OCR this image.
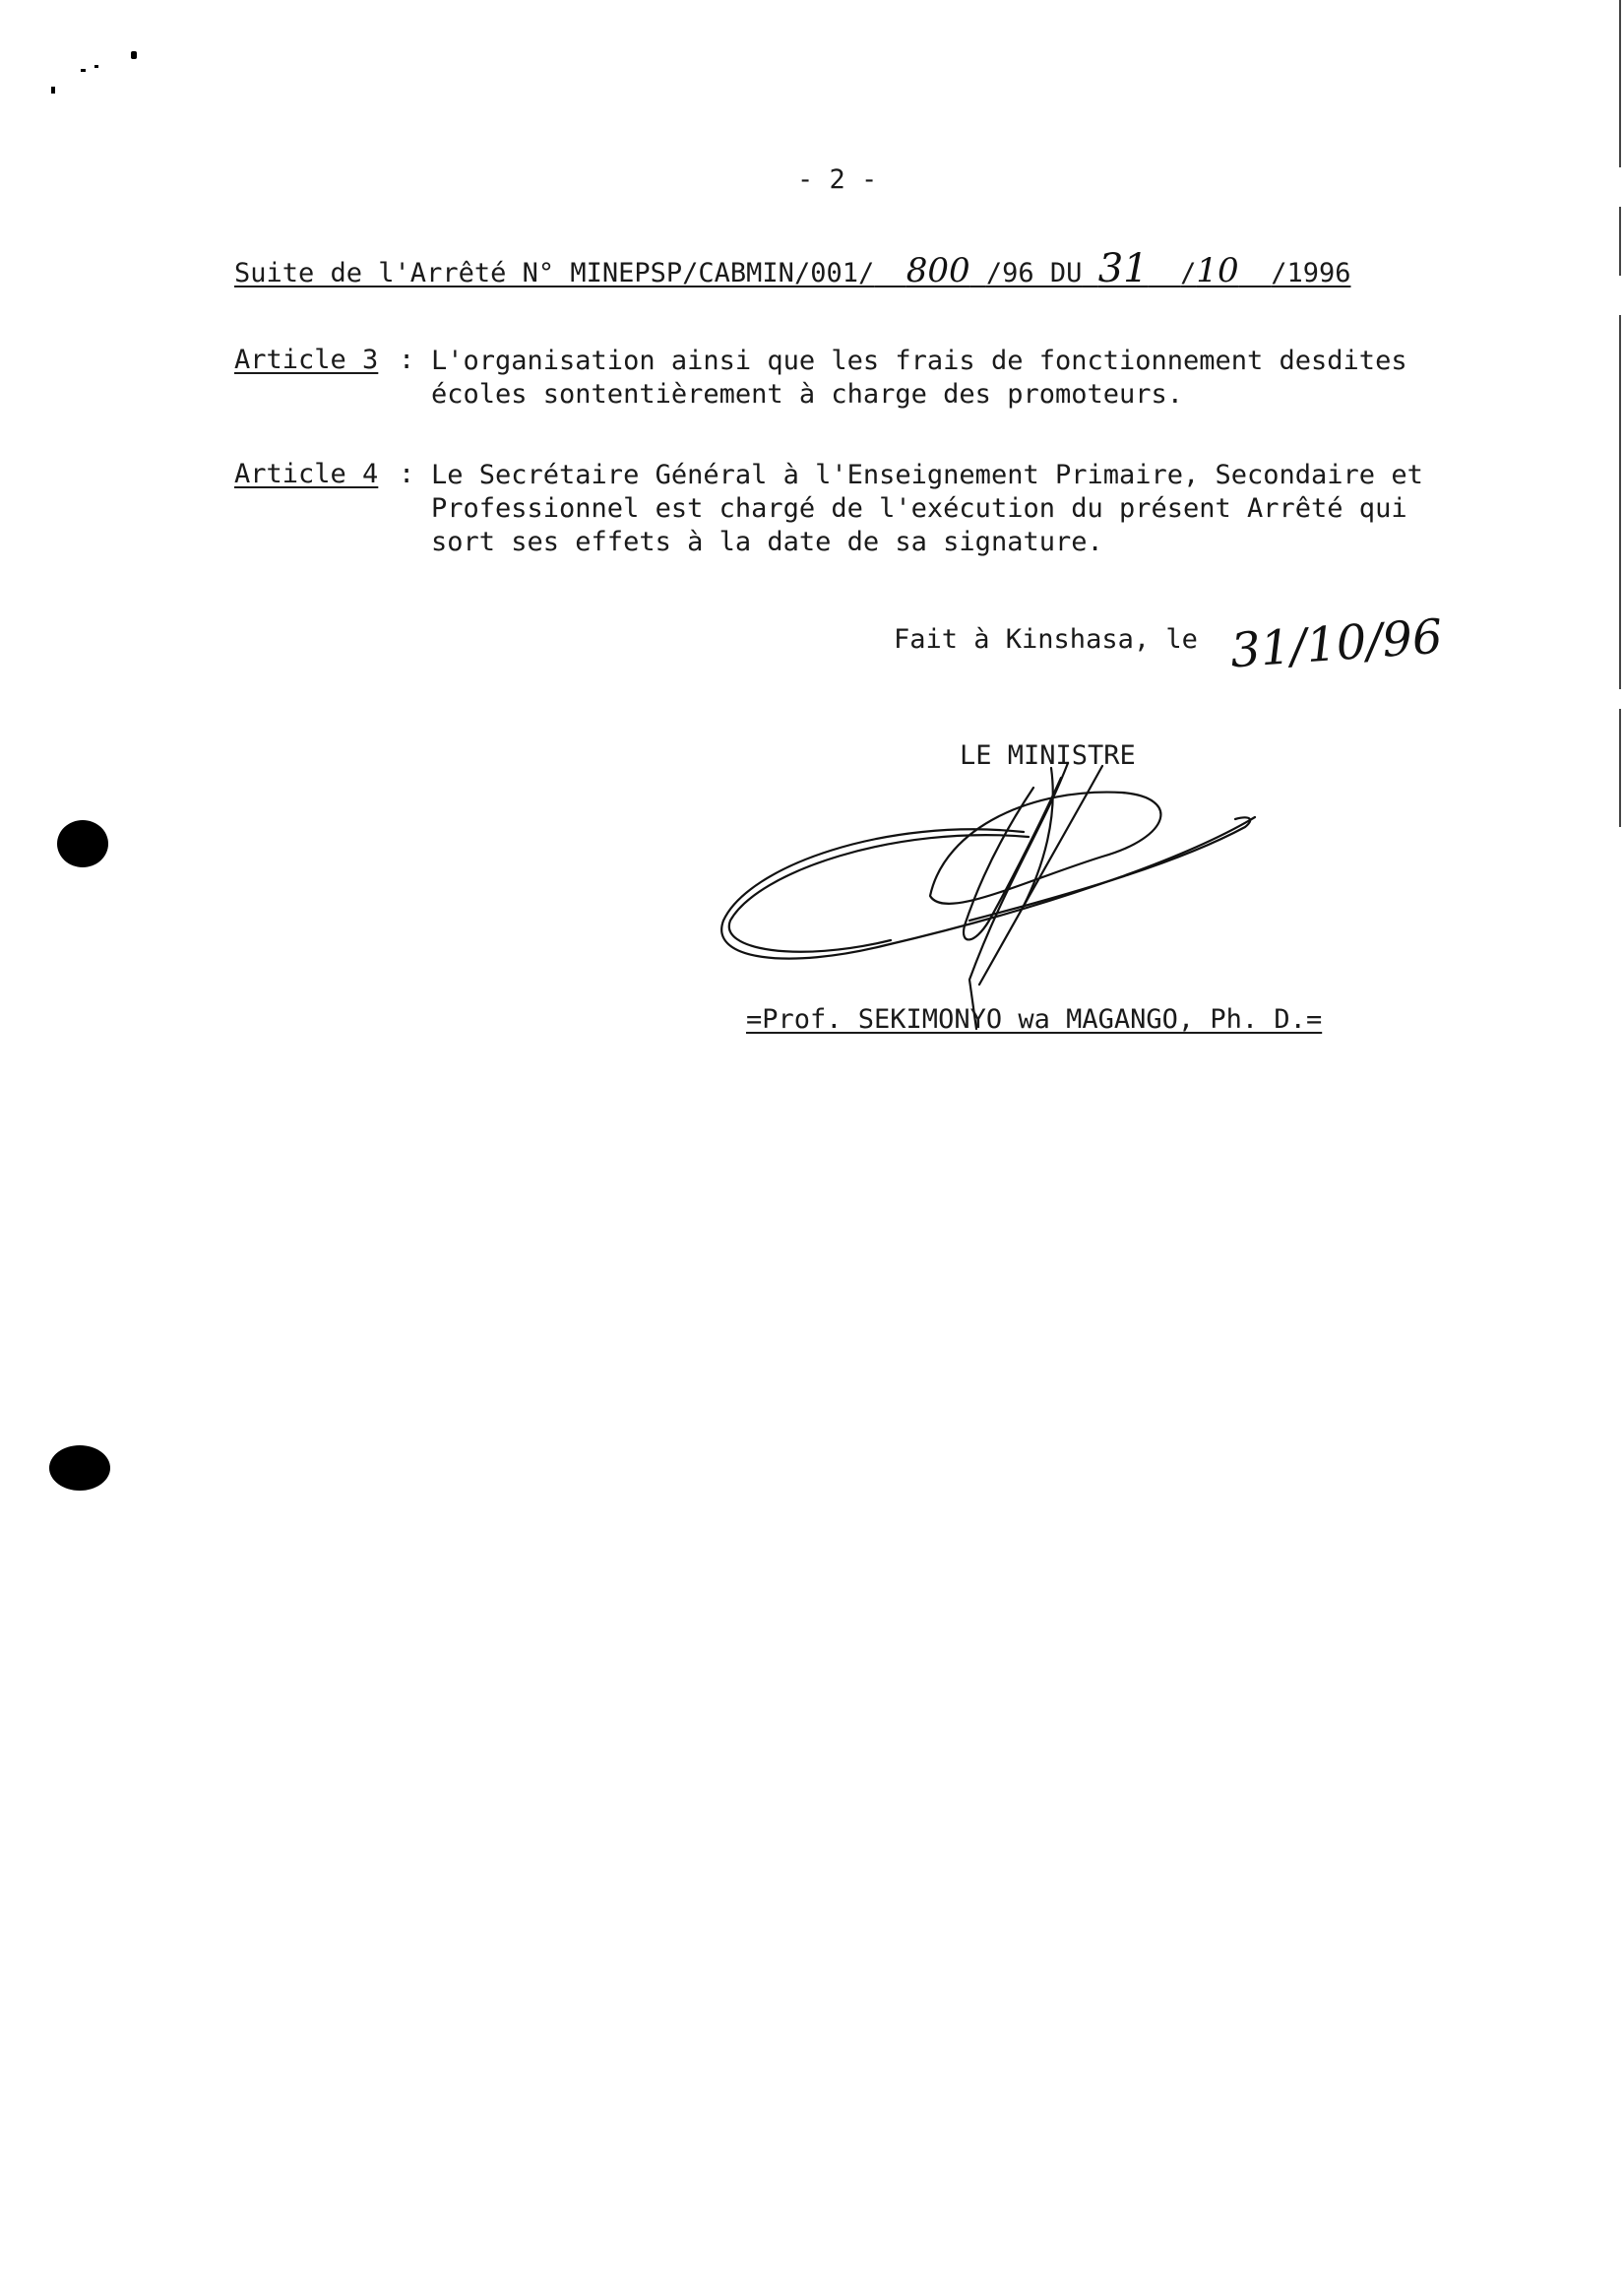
- 2 -
Suite de l'Arrêté N° MINEPSP/CABMIN/001/ 800 /96 DU 31 /10 /1996
Article 3 : L'organisation ainsi que les frais de fonctionnement desdites
écoles sontentièrement à charge des promoteurs.
Article 4 : Le Secrétaire Général à l'Enseignement Primaire, Secondaire et
Professionnel est chargé de l'exécution du présent Arrêté qui
sort ses effets à la date de sa signature.
Fait à Kinshasa, le 31/10/96
LE MINISTRE
=Prof. SEKIMONYO wa MAGANGO, Ph. D.=
